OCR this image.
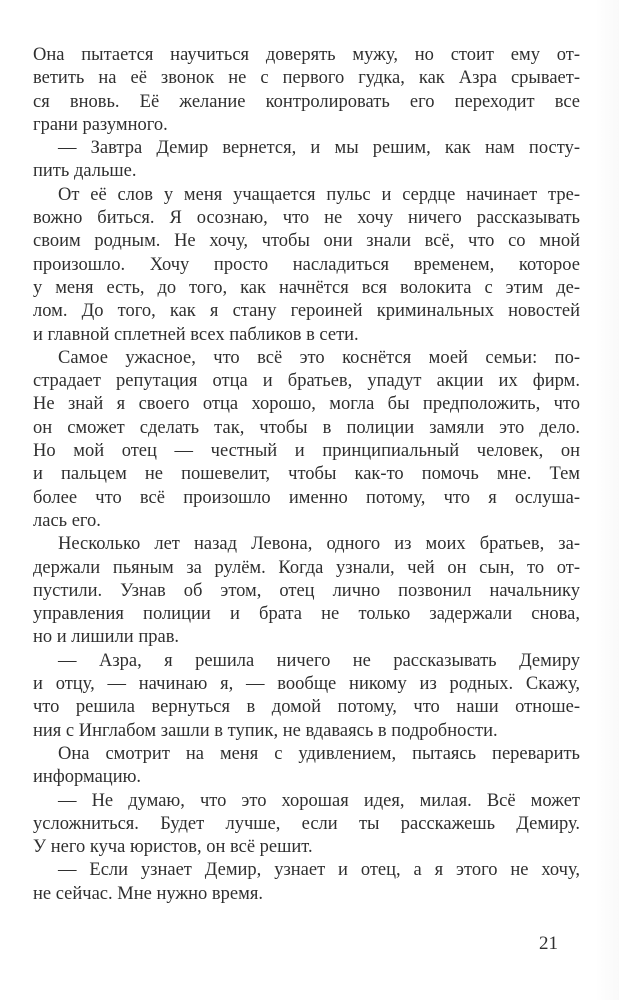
Она пытается научиться доверять мужу, но стоит ему от-
ветить на её звонок не с первого гудка, как Азра срывает-
ся вновь. Её желание контролировать его переходит все
грани разумного.
— Завтра Демир вернется, и мы решим, как нам посту-
пить дальше.
От её слов у меня учащается пульс и сердце начинает тре-
вожно биться. Я осознаю, что не хочу ничего рассказывать
своим родным. Не хочу, чтобы они знали всё, что со мной
произошло. Хочу просто насладиться временем, которое
у меня есть, до того, как начнётся вся волокита с этим де-
лом. До того, как я стану героиней криминальных новостей
и главной сплетней всех пабликов в сети.
Самое ужасное, что всё это коснётся моей семьи: по-
страдает репутация отца и братьев, упадут акции их фирм.
Не знай я своего отца хорошо, могла бы предположить, что
он сможет сделать так, чтобы в полиции замяли это дело.
Но мой отец — честный и принципиальный человек, он
и пальцем не пошевелит, чтобы как-то помочь мне. Тем
более что всё произошло именно потому, что я ослуша-
лась его.
Несколько лет назад Левона, одного из моих братьев, за-
держали пьяным за рулём. Когда узнали, чей он сын, то от-
пустили. Узнав об этом, отец лично позвонил начальнику
управления полиции и брата не только задержали снова,
но и лишили прав.
— Азра, я решила ничего не рассказывать Демиру
и отцу, — начинаю я, — вообще никому из родных. Скажу,
что решила вернуться в домой потому, что наши отноше-
ния с Инглабом зашли в тупик, не вдаваясь в подробности.
Она смотрит на меня с удивлением, пытаясь переварить
информацию.
— Не думаю, что это хорошая идея, милая. Всё может
усложниться. Будет лучше, если ты расскажешь Демиру.
У него куча юристов, он всё решит.
— Если узнает Демир, узнает и отец, а я этого не хочу,
не сейчас. Мне нужно время.
21
